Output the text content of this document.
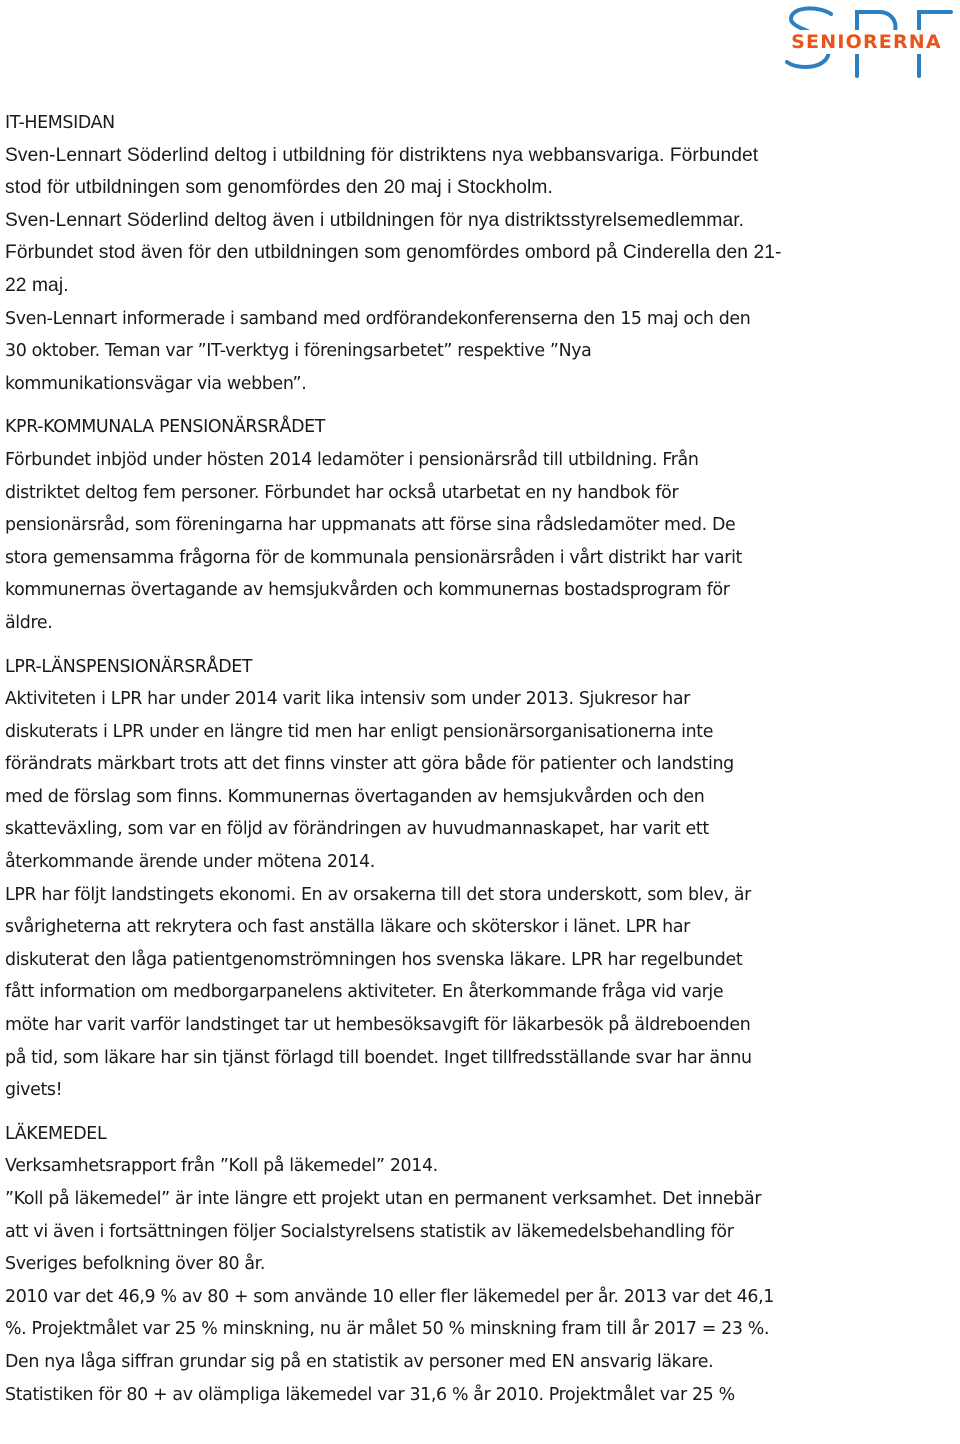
SENIORERNA
IT-HEMSIDAN

Sven-Lennart Söderlind deltog i utbildning för distriktens nya webbansvariga. Förbundet

stod för utbildningen som genomfördes den 20 maj i Stockholm.

Sven-Lennart Söderlind deltog även i utbildningen för nya distriktsstyrelsemedlemmar.

Förbundet stod även för den utbildningen som genomfördes ombord på Cinderella den 21-

22 maj.

Sven-Lennart informerade i samband med ordförandekonferenserna den 15 maj och den

30 oktober. Teman var ”IT-verktyg i föreningsarbetet” respektive ”Nya

kommunikationsvägar via webben”.

KPR-KOMMUNALA PENSIONÄRSRÅDET

Förbundet inbjöd under hösten 2014 ledamöter i pensionärsråd till utbildning. Från

distriktet deltog fem personer. Förbundet har också utarbetat en ny handbok för

pensionärsråd, som föreningarna har uppmanats att förse sina rådsledamöter med. De

stora gemensamma frågorna för de kommunala pensionärsråden i vårt distrikt har varit

kommunernas övertagande av hemsjukvården och kommunernas bostadsprogram för

äldre.

LPR-LÄNSPENSIONÄRSRÅDET

Aktiviteten i LPR har under 2014 varit lika intensiv som under 2013. Sjukresor har

diskuterats i LPR under en längre tid men har enligt pensionärsorganisationerna inte

förändrats märkbart trots att det finns vinster att göra både för patienter och landsting

med de förslag som finns. Kommunernas övertaganden av hemsjukvården och den

skatteväxling, som var en följd av förändringen av huvudmannaskapet, har varit ett

återkommande ärende under mötena 2014.

LPR har följt landstingets ekonomi. En av orsakerna till det stora underskott, som blev, är

svårigheterna att rekrytera och fast anställa läkare och sköterskor i länet. LPR har

diskuterat den låga patientgenomströmningen hos svenska läkare. LPR har regelbundet

fått information om medborgarpanelens aktiviteter. En återkommande fråga vid varje

möte har varit varför landstinget tar ut hembesöksavgift för läkarbesök på äldreboenden

på tid, som läkare har sin tjänst förlagd till boendet. Inget tillfredsställande svar har ännu

givets!

LÄKEMEDEL

Verksamhetsrapport från ”Koll på läkemedel” 2014.

”Koll på läkemedel” är inte längre ett projekt utan en permanent verksamhet. Det innebär

att vi även i fortsättningen följer Socialstyrelsens statistik av läkemedelsbehandling för

Sveriges befolkning över 80 år.

2010 var det 46,9 % av 80 + som använde 10 eller fler läkemedel per år. 2013 var det 46,1

%. Projektmålet var 25 % minskning, nu är målet 50 % minskning fram till år 2017 = 23 %.

Den nya låga siffran grundar sig på en statistik av personer med EN ansvarig läkare.

Statistiken för 80 + av olämpliga läkemedel var 31,6 % år 2010. Projektmålet var 25 %
